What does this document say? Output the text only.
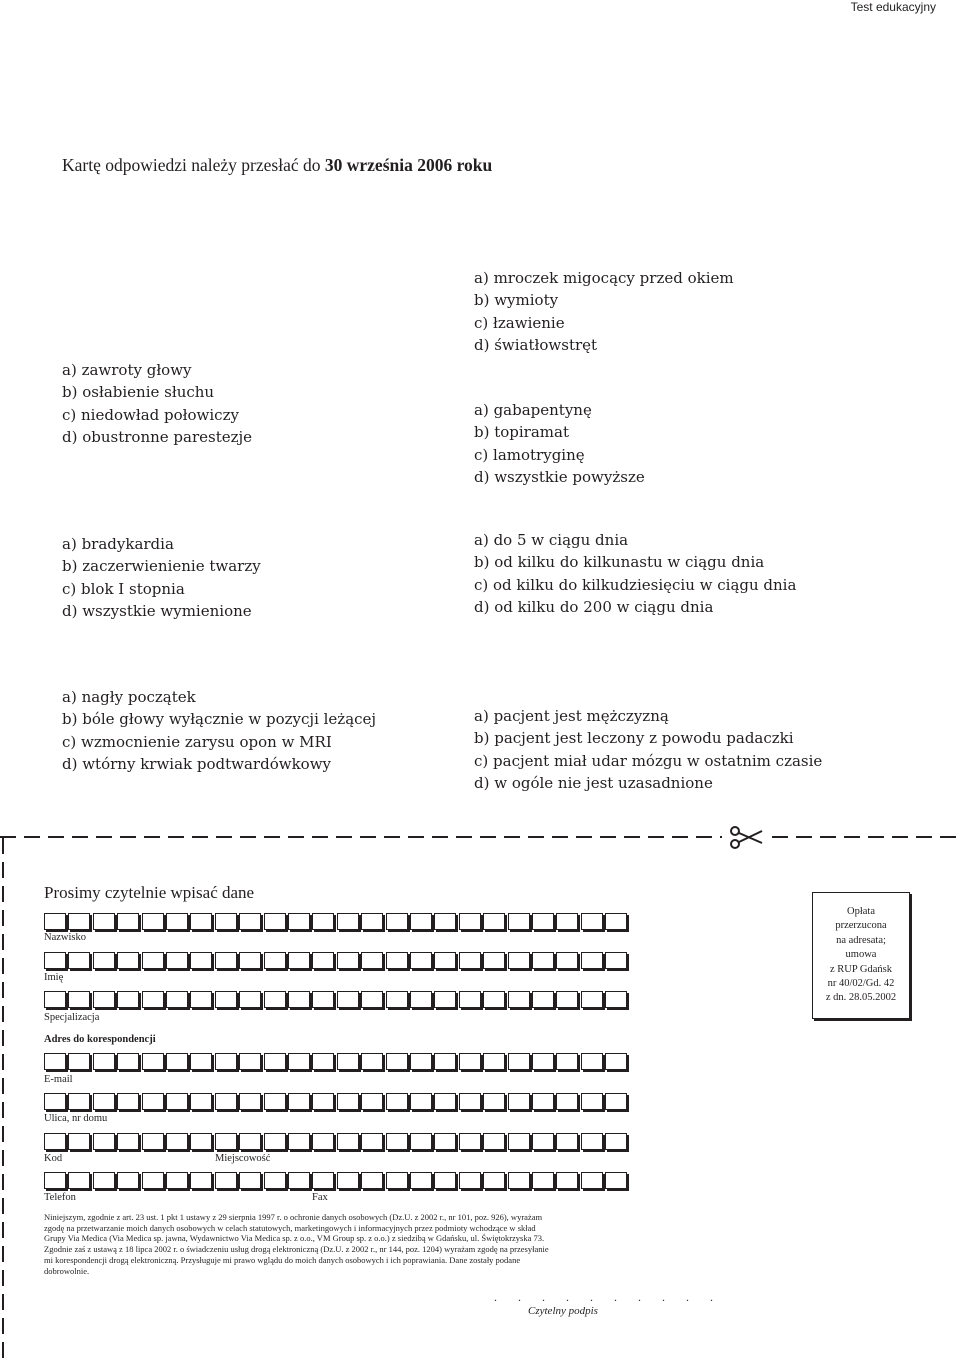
Test edukacyjny
Kartę odpowiedzi należy przesłać do 30 września 2006 roku
a) zawroty głowy
b) osłabienie słuchu
c) niedowład połowiczy
d) obustronne parestezje
a) mroczek migocący przed okiem
b) wymioty
c) łzawienie
d) światłowstręt
a) gabapentynę
b) topiramat
c) lamotryginę
d) wszystkie powyższe
a) bradykardia
b) zaczerwienienie twarzy
c) blok I stopnia
d) wszystkie wymienione
a) do 5 w ciągu dnia
b) od kilku do kilkunastu w ciągu dnia
c) od kilku do kilkudziesięciu w ciągu dnia
d) od kilku do 200 w ciągu dnia
a) nagły początek
b) bóle głowy wyłącznie w pozycji leżącej
c) wzmocnienie zarysu opon w MRI
d) wtórny krwiak podtwardówkowy
a) pacjent jest mężczyzną
b) pacjent jest leczony z powodu padaczki
c) pacjent miał udar mózgu w ostatnim czasie
d) w ogóle nie jest uzasadnione
Prosimy czytelnie wpisać dane
Nazwisko
Imię
Specjalizacja
Adres do korespondencji
E-mail
Ulica, nr domu
Kod	Miejscowość
Telefon	Fax
Opłata
przerzucona
na adresata;
umowa
z RUP Gdańsk
nr 40/02/Gd. 42
z dn. 28.05.2002
Niniejszym, zgodnie z art. 23 ust. 1 pkt 1 ustawy z 29 sierpnia 1997 r. o ochronie danych osobowych (Dz.U. z 2002 r., nr 101, poz. 926), wyrażam
zgodę na przetwarzanie moich danych osobowych w celach statutowych, marketingowych i informacyjnych przez podmioty wchodzące w skład
Grupy Via Medica (Via Medica sp. jawna, Wydawnictwo Via Medica sp. z o.o., VM Group sp. z o.o.) z siedzibą w Gdańsku, ul. Świętokrzyska 73.
Zgodnie zaś z ustawą z 18 lipca 2002 r. o świadczeniu usług drogą elektroniczną (Dz.U. z 2002 r., nr 144, poz. 1204) wyrażam zgodę na przesyłanie
mi korespondencji drogą elektroniczną. Przysługuje mi prawo wglądu do moich danych osobowych i ich poprawiania. Dane zostały podane
dobrowolnie.
. . . . . . . . . .
Czytelny podpis
